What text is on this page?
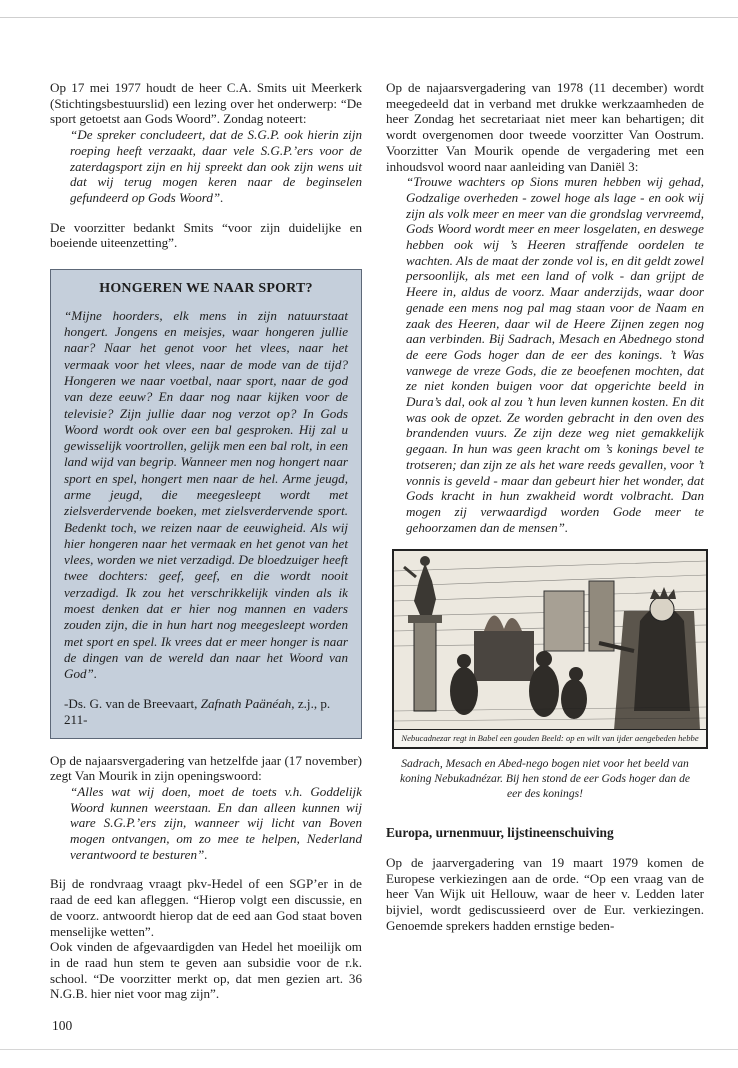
Op 17 mei 1977 houdt de heer C.A. Smits uit Meerkerk (Stichtingsbestuurslid) een lezing over het onderwerp: “De sport getoetst aan Gods Woord”. Zondag noteert:

“De spreker concludeert, dat de S.G.P. ook hierin zijn roeping heeft verzaakt, daar vele S.G.P.’ers voor de zaterdagsport zijn en hij spreekt dan ook zijn wens uit dat wij terug mogen keren naar de beginselen gefundeerd op Gods Woord”.

De voorzitter bedankt Smits “voor zijn duidelijke en boeiende uiteenzetting”.

HONGEREN WE NAAR SPORT?
“Mijne hoorders, elk mens in zijn natuurstaat hongert. Jongens en meisjes, waar hongeren jullie naar? Naar het genot voor het vlees, naar het vermaak voor het vlees, naar de mode van de tijd? Hongeren we naar voetbal, naar sport, naar de god van deze eeuw? En daar nog naar kijken voor de televisie? Zijn jullie daar nog verzot op? In Gods Woord wordt ook over een bal gesproken. Hij zal u gewisselijk voortrollen, gelijk men een bal rolt, in een land wijd van begrip. Wanneer men nog hongert naar sport en spel, hongert men naar de hel. Arme jeugd, arme jeugd, die meegesleept wordt met zielsverdervende boeken, met zielsverdervende sport. Bedenkt toch, we reizen naar de eeuwigheid. Als wij hier hongeren naar het vermaak en het genot van het vlees, worden we niet verzadigd. De bloedzuiger heeft twee dochters: geef, geef, en die wordt nooit verzadigd. Ik zou het verschrikkelijk vinden als ik moest denken dat er hier nog mannen en vaders zouden zijn, die in hun hart nog meegesleept worden met sport en spel. Ik vrees dat er meer honger is naar de dingen van de wereld dan naar het Woord van God”.
-Ds. G. van de Breevaart, Zafnath Paänéah, z.j., p. 211-

Op de najaarsvergadering van hetzelfde jaar (17 november) zegt Van Mourik in zijn openingswoord:

“Alles wat wij doen, moet de toets v.h. Goddelijk Woord kunnen weerstaan. En dan alleen kunnen wij ware S.G.P.’ers zijn, wanneer wij licht van Boven mogen ontvangen, om zo mee te helpen, Nederland verantwoord te besturen”.

Bij de rondvraag vraagt pkv-Hedel of een SGP’er in de raad de eed kan afleggen. “Hierop volgt een discussie, en de voorz. antwoordt hierop dat de eed aan God staat boven menselijke wetten”.

Ook vinden de afgevaardigden van Hedel het moeilijk om in de raad hun stem te geven aan subsidie voor de r.k. school. “De voorzitter merkt op, dat men gezien art. 36 N.G.B. hier niet voor mag zijn”.

Op de najaarsvergadering van 1978 (11 december) wordt meegedeeld dat in verband met drukke werkzaamheden de heer Zondag het secretariaat niet meer kan behartigen; dit wordt overgenomen door tweede voorzitter Van Oostrum. Voorzitter Van Mourik opende de vergadering met een inhoudsvol woord naar aanleiding van Daniël 3:

“Trouwe wachters op Sions muren hebben wij gehad, Godzalige overheden - zowel hoge als lage - en ook wij zijn als volk meer en meer van die grondslag vervreemd, Gods Woord wordt meer en meer losgelaten, en deswege hebben ook wij ’s Heeren straffende oordelen te wachten. Als de maat der zonde vol is, en dit geldt zowel persoonlijk, als met een land of volk - dan grijpt de Heere in, aldus de voorz. Maar anderzijds, waar door genade een mens nog pal mag staan voor de Naam en zaak des Heeren, daar wil de Heere Zijnen zegen nog aan verbinden. Bij Sadrach, Mesach en Abednego stond de eere Gods hoger dan de eer des konings. ’t Was vanwege de vreze Gods, die ze beoefenen mochten, dat ze niet konden buigen voor dat opgerichte beeld in Dura’s dal, ook al zou ’t hun leven kunnen kosten. En dit was ook de opzet. Ze worden gebracht in den oven des brandenden vuurs. Ze zijn deze weg niet gemakkelijk gegaan. In hun was geen kracht om ’s konings bevel te trotseren; dan zijn ze als het ware reeds gevallen, voor ’t vonnis is geveld - maar dan gebeurt hier het wonder, dat Gods kracht in hun zwakheid wordt volbracht. Dan mogen zij verwaardigd worden Gode meer te gehoorzamen dan de mensen”.

Nebucadnezar regt in Babel een gouden Beeld: op en wilt van ijder aengebeden hebbe
Sadrach, Mesach en Abed-nego bogen niet voor het beeld van koning Nebukadnézar. Bij hen stond de eer Gods hoger dan de eer des konings!
Europa, urnenmuur, lijstineenschuiving

Op de jaarvergadering van 19 maart 1979 komen de Europese verkiezingen aan de orde. “Op een vraag van de heer Van Wijk uit Hellouw, waar de heer v. Ledden later bijviel, wordt gediscussieerd over de Eur. verkiezingen. Genoemde sprekers hadden ernstige beden-

100
